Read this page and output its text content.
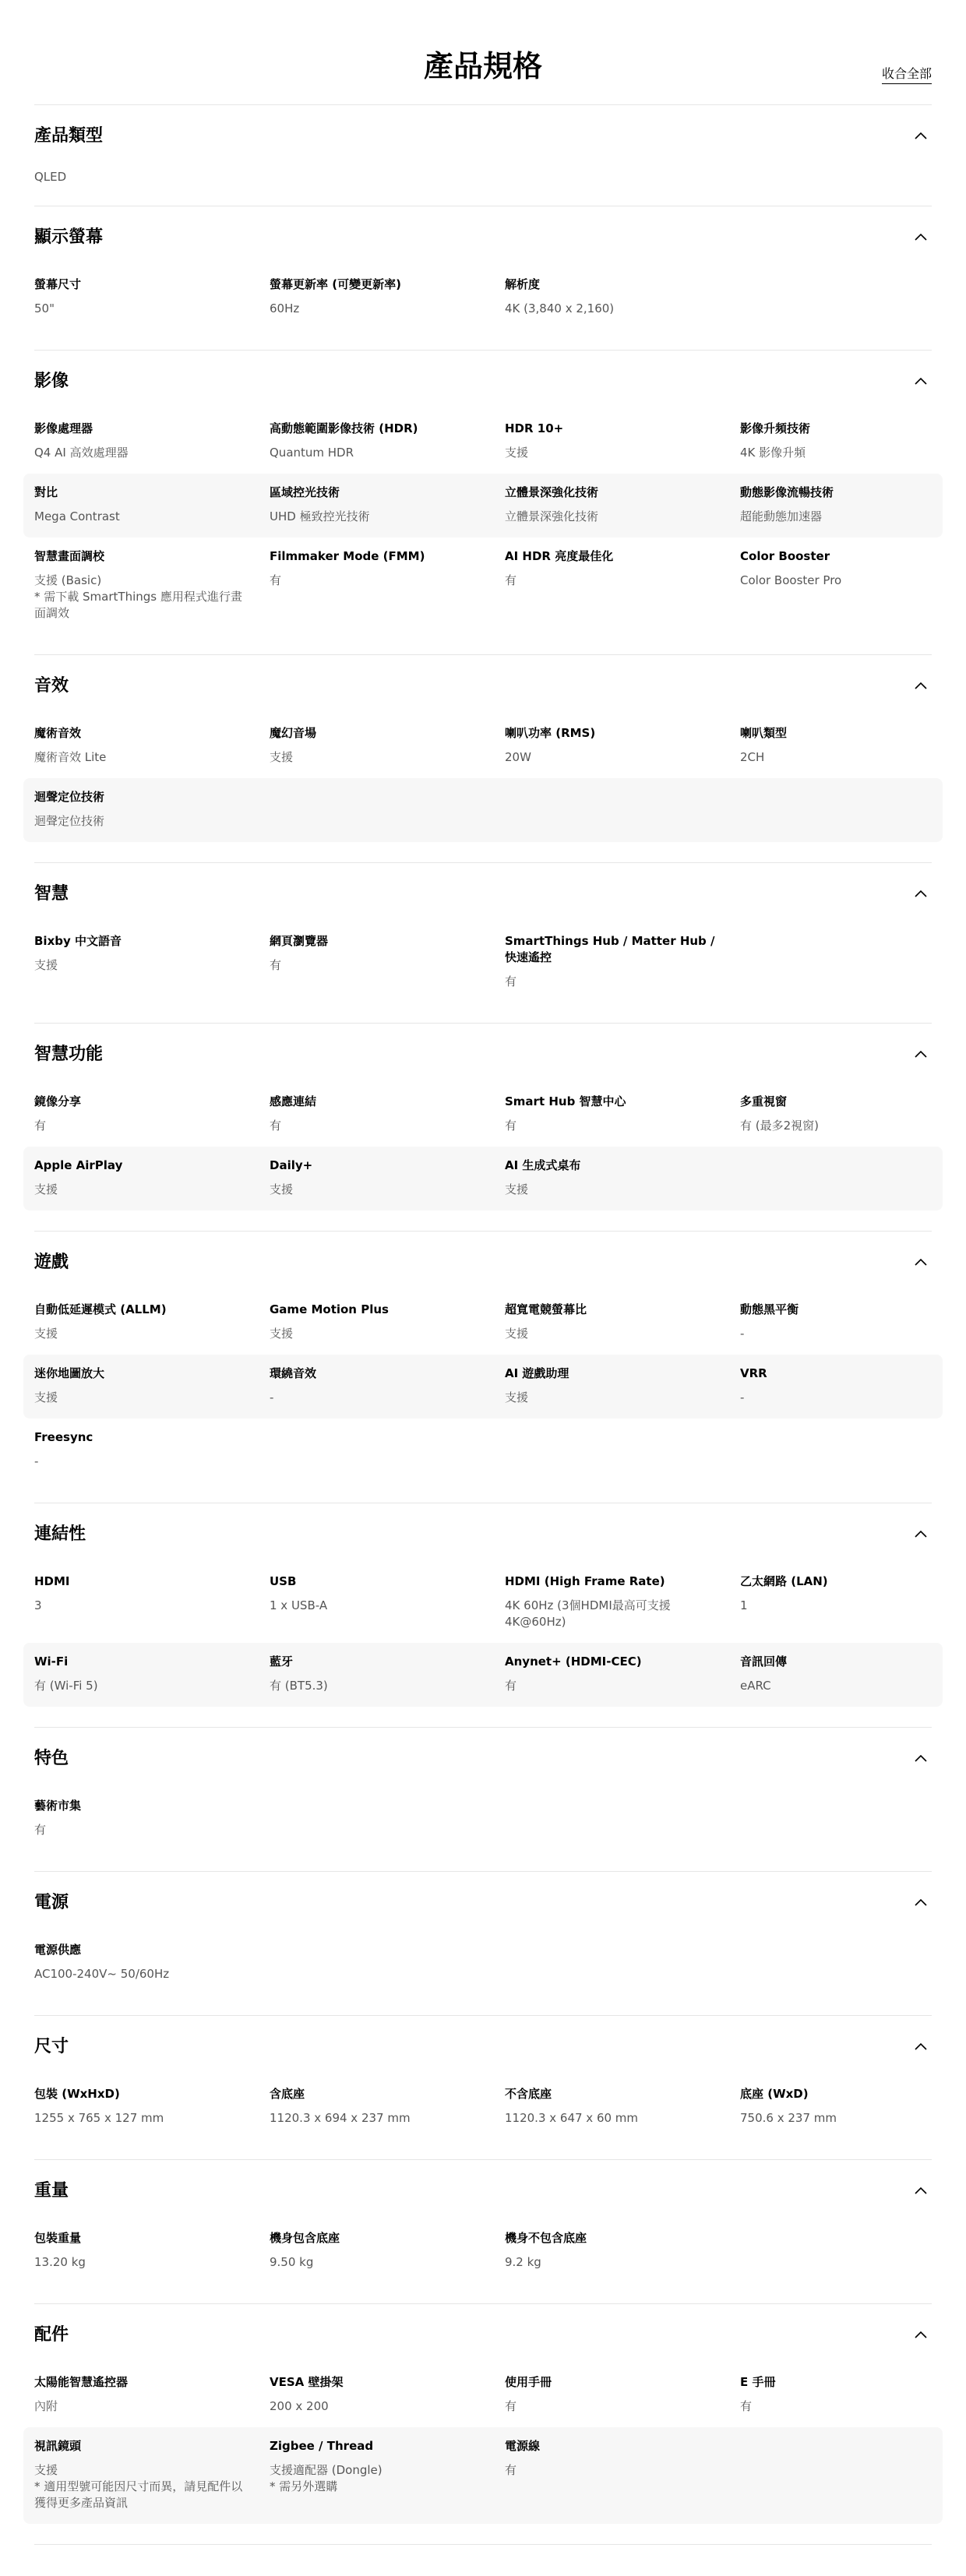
產品規格	收合全部
產品類型
QLED
顯示螢幕
螢幕尺寸
50"
螢幕更新率 (可變更新率)
60Hz
解析度
4K (3,840 x 2,160)
影像
影像處理器
Q4 AI 高效處理器
高動態範圍影像技術 (HDR)
Quantum HDR
HDR 10+
支援
影像升頻技術
4K 影像升頻
對比
Mega Contrast
區域控光技術
UHD 極致控光技術
立體景深強化技術
立體景深強化技術
動態影像流暢技術
超能動態加速器
智慧畫面調校
支援 (Basic)
* 需下載 SmartThings 應用程式進行畫面調效
Filmmaker Mode (FMM)
有
AI HDR 亮度最佳化
有
Color Booster
Color Booster Pro
音效
魔術音效
魔術音效 Lite
魔幻音場
支援
喇叭功率 (RMS)
20W
喇叭類型
2CH
迴聲定位技術
迴聲定位技術
智慧
Bixby 中文語音
支援
網頁瀏覽器
有
SmartThings Hub / Matter Hub / 快速遙控
有
智慧功能
鏡像分享
有
感應連結
有
Smart Hub 智慧中心
有
多重視窗
有 (最多2視窗)
Apple AirPlay
支援
Daily+
支援
AI 生成式桌布
支援
遊戲
自動低延遲模式 (ALLM)
支援
Game Motion Plus
支援
超寬電競螢幕比
支援
動態黑平衡
-
迷你地圖放大
支援
環繞音效
-
AI 遊戲助理
支援
VRR
-
Freesync
-
連結性
HDMI
3
USB
1 x USB-A
HDMI (High Frame Rate)
4K 60Hz (3個HDMI最高可支援4K@60Hz)
乙太網路 (LAN)
1
Wi-Fi
有 (Wi-Fi 5)
藍牙
有 (BT5.3)
Anynet+ (HDMI-CEC)
有
音訊回傳
eARC
特色
藝術市集
有
電源
電源供應
AC100-240V~ 50/60Hz
尺寸
包裝 (WxHxD)
1255 x 765 x 127 mm
含底座
1120.3 x 694 x 237 mm
不含底座
1120.3 x 647 x 60 mm
底座 (WxD)
750.6 x 237 mm
重量
包裝重量
13.20 kg
機身包含底座
9.50 kg
機身不包含底座
9.2 kg
配件
太陽能智慧遙控器
內附
VESA 壁掛架
200 x 200
使用手冊
有
E 手冊
有
視訊鏡頭
支援
* 適用型號可能因尺寸而異，請見配件以獲得更多產品資訊
Zigbee / Thread
支援適配器 (Dongle)
* 需另外選購
電源線
有
